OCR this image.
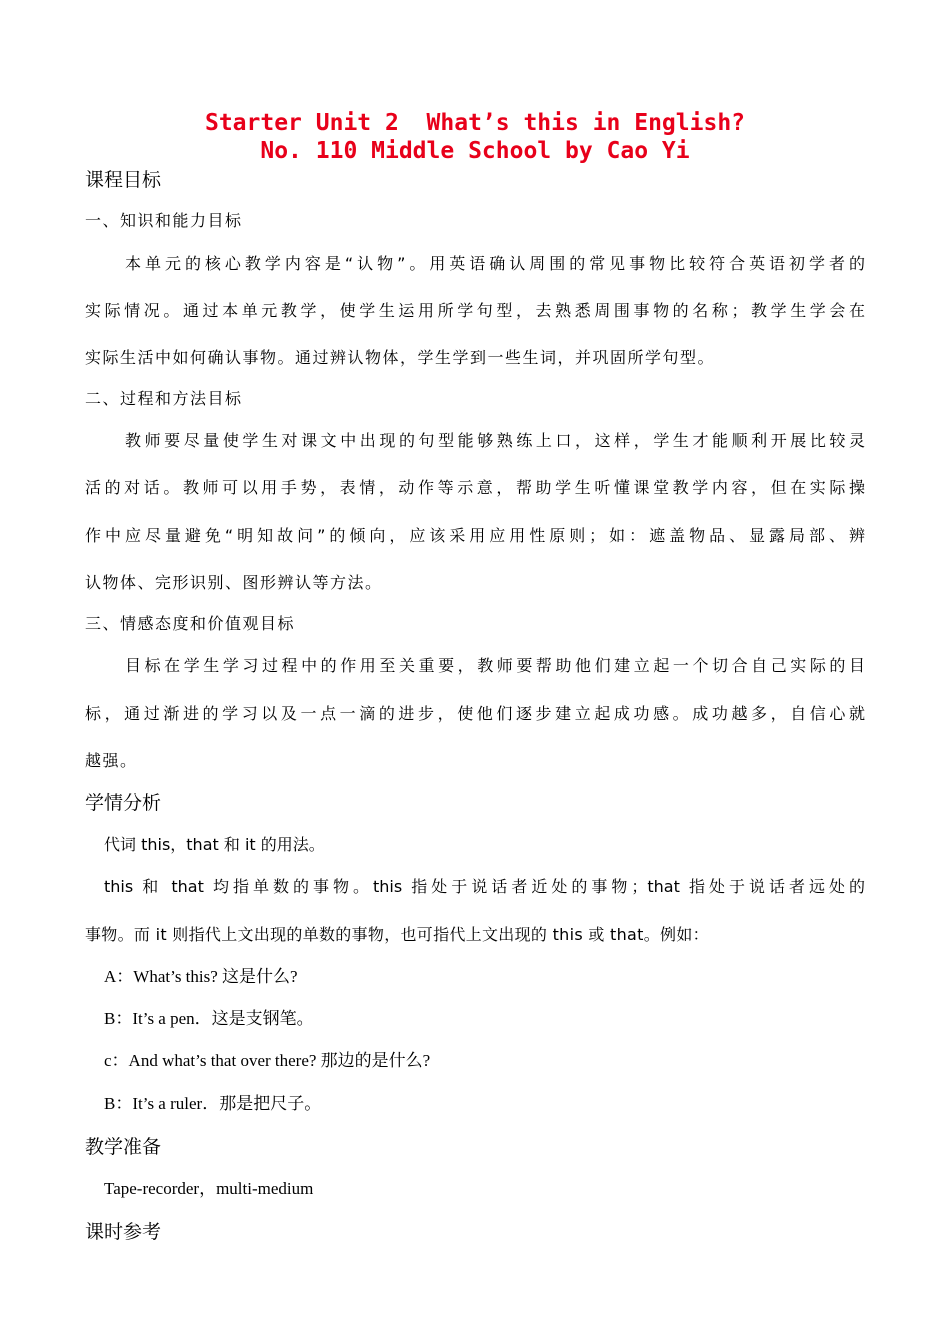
Starter Unit 2  What’s this in English?
No. 110 Middle School by Cao Yi
课程目标
一、知识和能力目标
本单元的核心教学内容是“认物”。用英语确认周围的常见事物比较符合英语初学者的
实际情况。通过本单元教学，使学生运用所学句型，去熟悉周围事物的名称；教学生学会在
实际生活中如何确认事物。通过辨认物体，学生学到一些生词，并巩固所学句型。
二、过程和方法目标
教师要尽量使学生对课文中出现的句型能够熟练上口，这样，学生才能顺利开展比较灵
活的对话。教师可以用手势，表情，动作等示意，帮助学生听懂课堂教学内容，但在实际操
作中应尽量避免“明知故问”的倾向，应该采用应用性原则；如：遮盖物品、显露局部、辨
认物体、完形识别、图形辨认等方法。
三、情感态度和价值观目标
目标在学生学习过程中的作用至关重要，教师要帮助他们建立起一个切合自己实际的目
标，通过渐进的学习以及一点一滴的进步，使他们逐步建立起成功感。成功越多，自信心就
越强。
学情分析
代词 this，that 和 it 的用法。
this 和 that 均指单数的事物。this 指处于说话者近处的事物；that 指处于说话者远处的
事物。而 it 则指代上文出现的单数的事物，也可指代上文出现的 this 或 that。例如：
A：What’s this? 这是什么?
B：It’s a pen．这是支钢笔。
c：And what’s that over there? 那边的是什么?
B：It’s a ruler．那是把尺子。
教学准备
Tape-recorder，multi-medium
课时参考
